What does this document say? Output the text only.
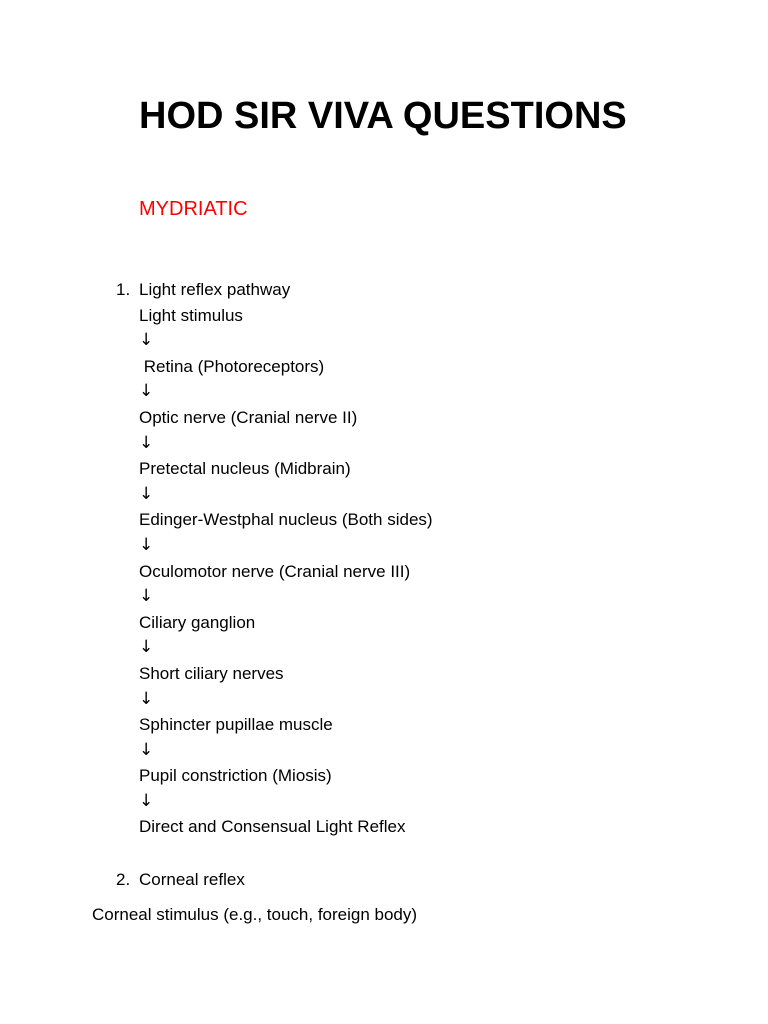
HOD SIR VIVA QUESTIONS
MYDRIATIC
1. Light reflex pathway
Light stimulus
↓
Retina (Photoreceptors)
↓
Optic nerve (Cranial nerve II)
↓
Pretectal nucleus (Midbrain)
↓
Edinger-Westphal nucleus (Both sides)
↓
Oculomotor nerve (Cranial nerve III)
↓
Ciliary ganglion
↓
Short ciliary nerves
↓
Sphincter pupillae muscle
↓
Pupil constriction (Miosis)
↓
Direct and Consensual Light Reflex
2. Corneal reflex
Corneal stimulus (e.g., touch, foreign body)
